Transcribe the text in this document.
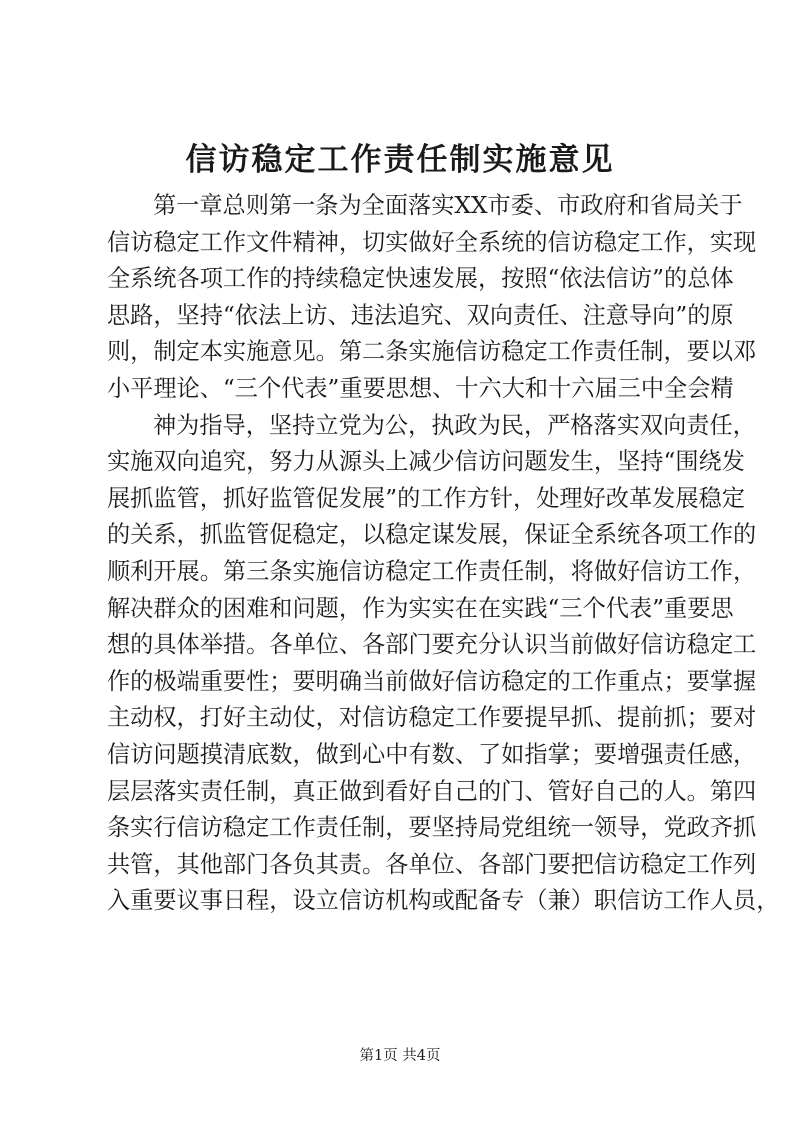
信访稳定工作责任制实施意见
第一章总则第一条为全面落实XX市委、市政府和省局关于
信访稳定工作文件精神，切实做好全系统的信访稳定工作，实现
全系统各项工作的持续稳定快速发展，按照“依法信访”的总体
思路，坚持“依法上访、违法追究、双向责任、注意导向”的原
则，制定本实施意见。第二条实施信访稳定工作责任制，要以邓
小平理论、“三个代表”重要思想、十六大和十六届三中全会精
神为指导，坚持立党为公，执政为民，严格落实双向责任，
实施双向追究，努力从源头上减少信访问题发生，坚持“围绕发
展抓监管，抓好监管促发展”的工作方针，处理好改革发展稳定
的关系，抓监管促稳定，以稳定谋发展，保证全系统各项工作的
顺利开展。第三条实施信访稳定工作责任制，将做好信访工作，
解决群众的困难和问题，作为实实在在实践“三个代表”重要思
想的具体举措。各单位、各部门要充分认识当前做好信访稳定工
作的极端重要性；要明确当前做好信访稳定的工作重点；要掌握
主动权，打好主动仗，对信访稳定工作要提早抓、提前抓；要对
信访问题摸清底数，做到心中有数、了如指掌；要增强责任感，
层层落实责任制，真正做到看好自己的门、管好自己的人。第四
条实行信访稳定工作责任制，要坚持局党组统一领导，党政齐抓
共管，其他部门各负其责。各单位、各部门要把信访稳定工作列
入重要议事日程，设立信访机构或配备专（兼）职信访工作人员，
第1页 共4页
